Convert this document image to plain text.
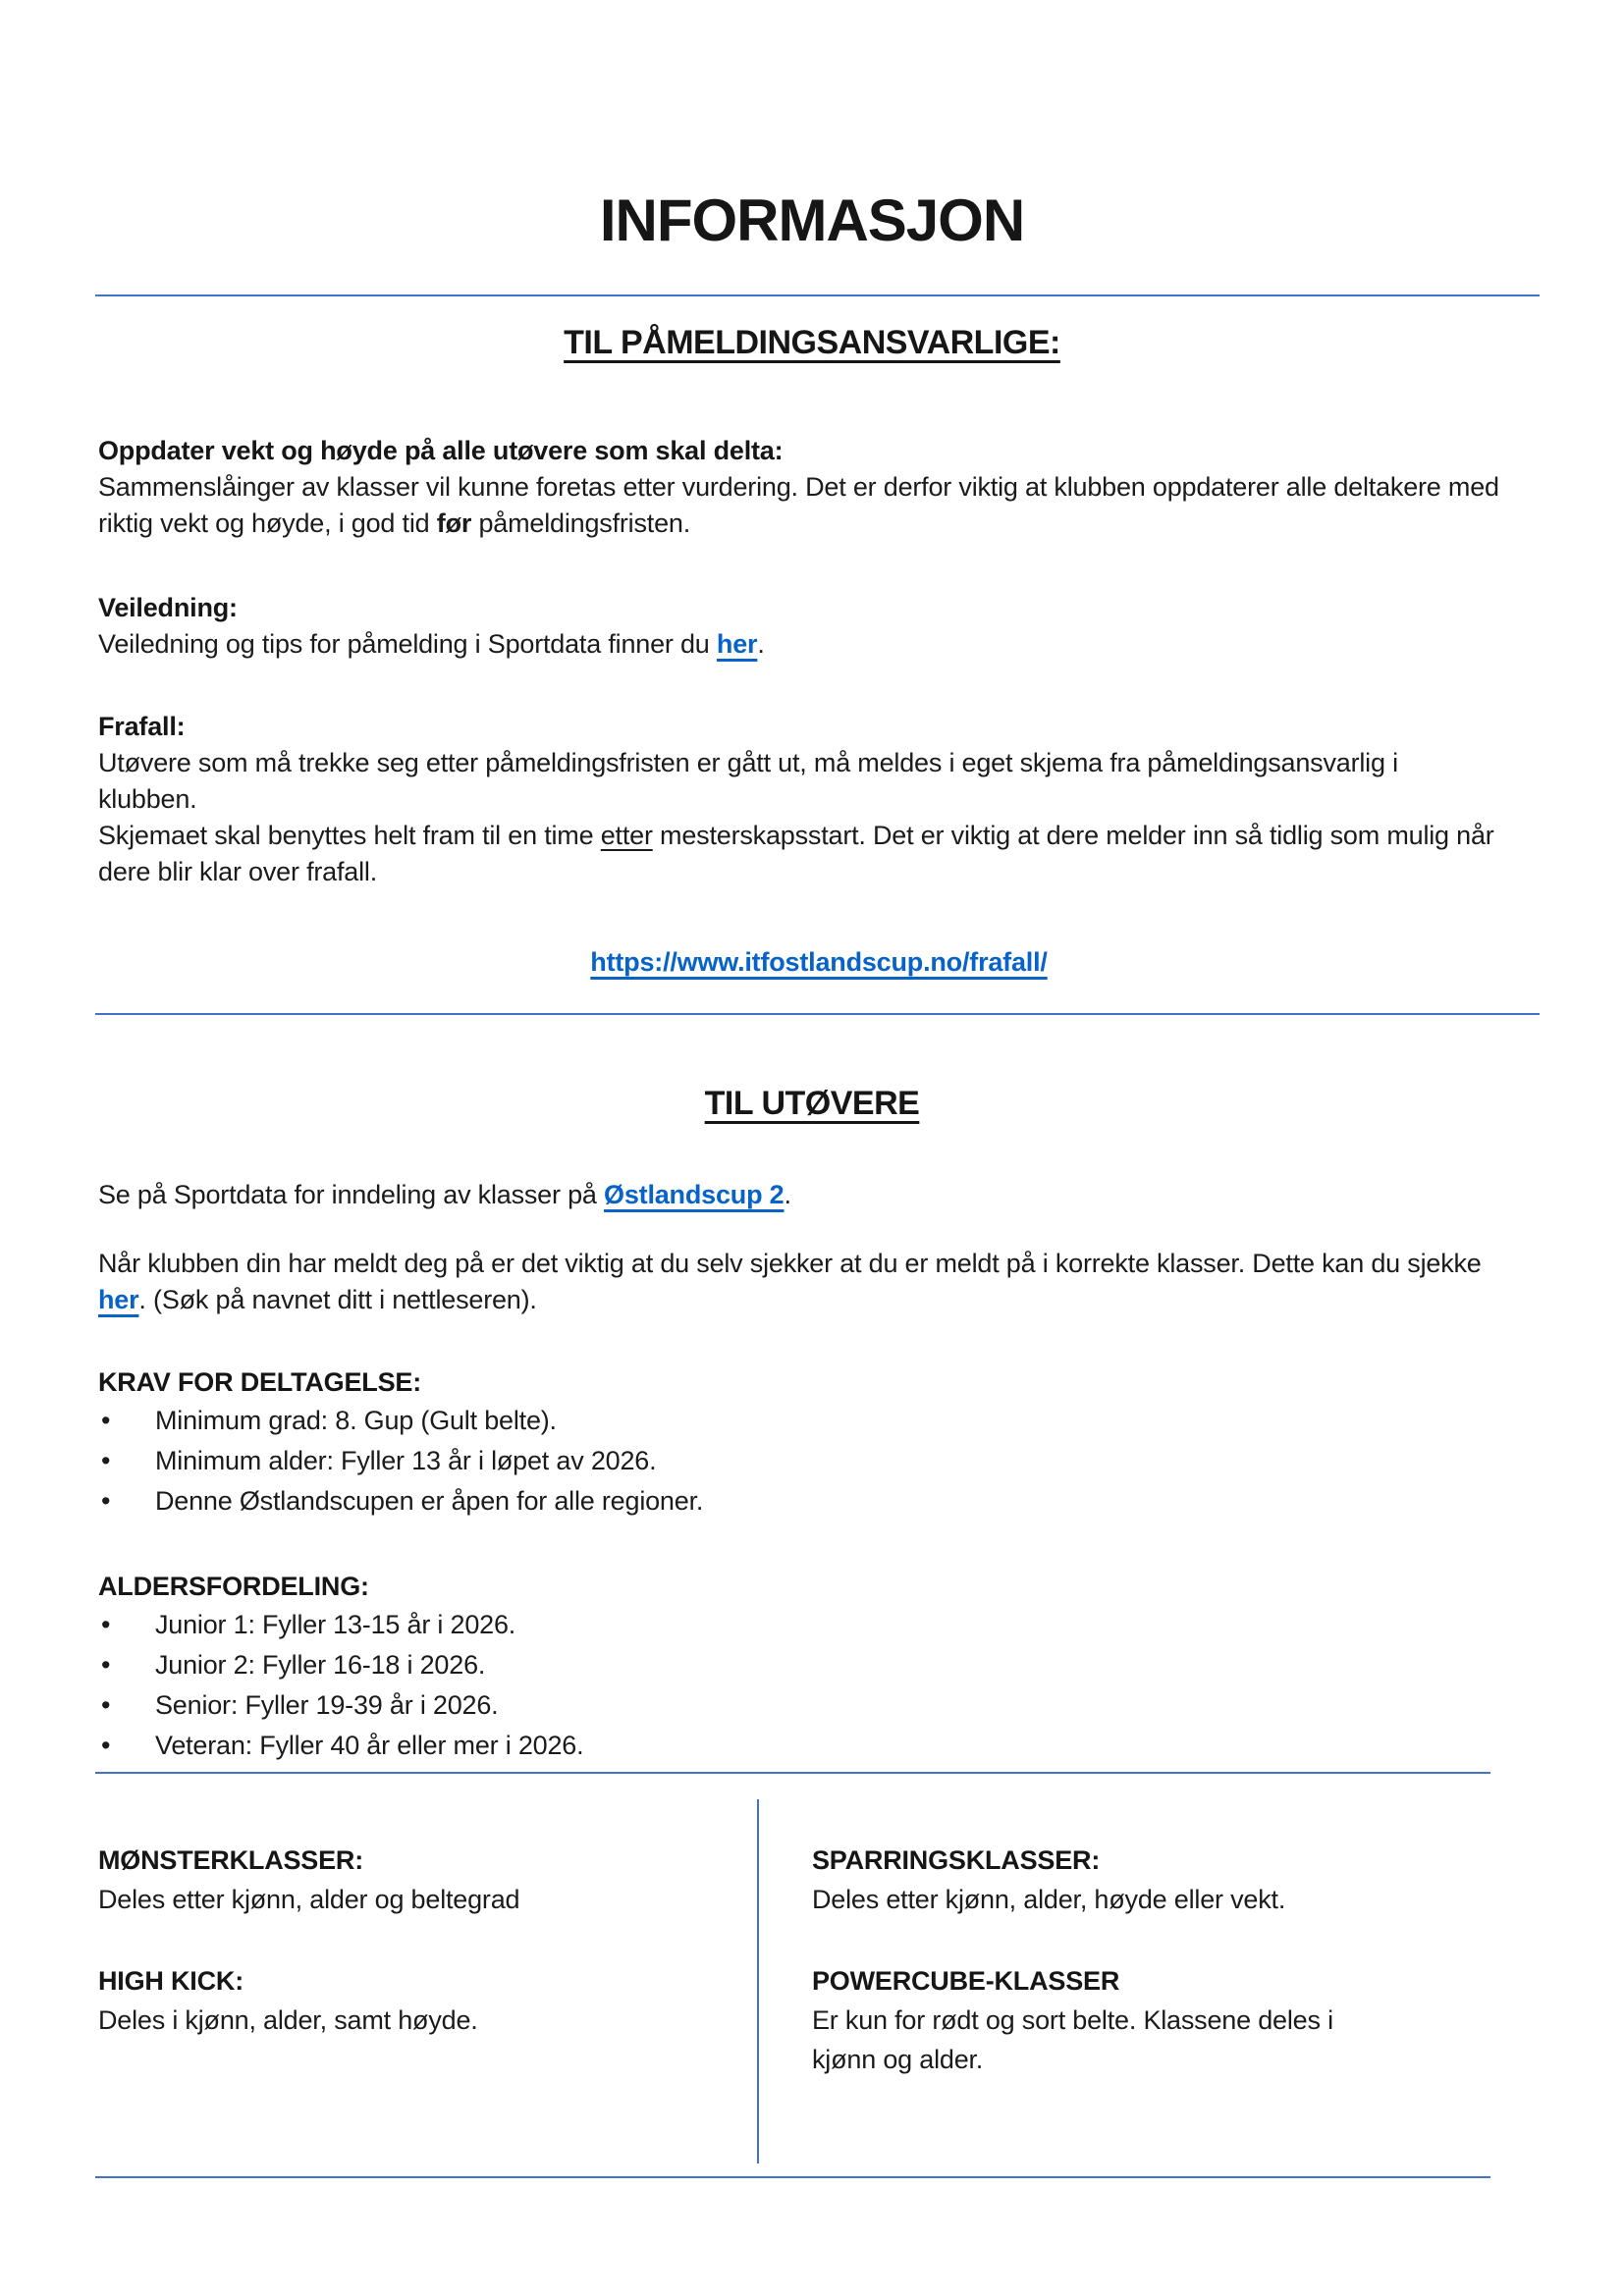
INFORMASJON
TIL PÅMELDINGSANSVARLIGE:

Oppdater vekt og høyde på alle utøvere som skal delta:

Sammenslåinger av klasser vil kunne foretas etter vurdering. Det er derfor viktig at klubben oppdaterer alle deltakere med riktig vekt og høyde, i god tid før påmeldingsfristen.

Veiledning:

Veiledning og tips for påmelding i Sportdata finner du her.

Frafall:

Utøvere som må trekke seg etter påmeldingsfristen er gått ut, må meldes i eget skjema fra påmeldingsansvarlig i klubben.

Skjemaet skal benyttes helt fram til en time etter mesterskapsstart. Det er viktig at dere melder inn så tidlig som mulig når dere blir klar over frafall.

https://www.itfostlandscup.no/frafall/

TIL UTØVERE

Se på Sportdata for inndeling av klasser på Østlandscup 2.

Når klubben din har meldt deg på er det viktig at du selv sjekker at du er meldt på i korrekte klasser. Dette kan du sjekke her. (Søk på navnet ditt i nettleseren).

KRAV FOR DELTAGELSE:

• Minimum grad: 8. Gup (Gult belte).
• Minimum alder: Fyller 13 år i løpet av 2026.
• Denne Østlandscupen er åpen for alle regioner.

ALDERSFORDELING:

• Junior 1: Fyller 13-15 år i 2026.
• Junior 2: Fyller 16-18 i 2026.
• Senior: Fyller 19-39 år i 2026.
• Veteran: Fyller 40 år eller mer i 2026.

MØNSTERKLASSER:

Deles etter kjønn, alder og beltegrad

HIGH KICK:

Deles i kjønn, alder, samt høyde.

SPARRINGSKLASSER:

Deles etter kjønn, alder, høyde eller vekt.

POWERCUBE-KLASSER

Er kun for rødt og sort belte. Klassene deles i kjønn og alder.
